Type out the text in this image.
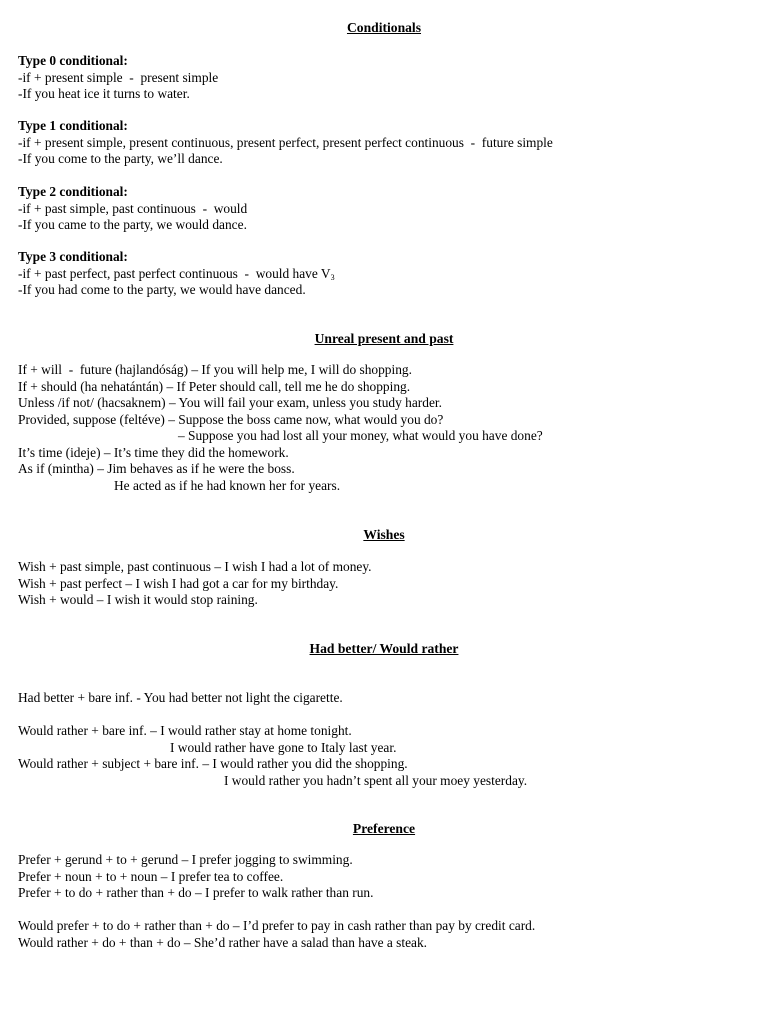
Conditionals
Type 0 conditional:
-if + present simple  -  present simple
-If you heat ice it turns to water.
Type 1 conditional:
-if + present simple, present continuous, present perfect, present perfect continuous  -  future simple
-If you come to the party, we’ll dance.
Type 2 conditional:
-if + past simple, past continuous  -  would
-If you came to the party, we would dance.
Type 3 conditional:
-if + past perfect, past perfect continuous  -  would have $V_3$
-If you had come to the party, we would have danced.
Unreal present and past
If + will  -  future (hajlandóság) – If you will help me, I will do shopping.
If + should (ha nehatántán) – If Peter should call, tell me he do shopping.
Unless /if not/ (hacsaknem) – You will fail your exam, unless you study harder.
Provided, suppose (feltéve) – Suppose the boss came now, what would you do?
– Suppose you had lost all your money, what would you have done?
It’s time (ideje) – It’s time they did the homework.
As if (mintha) – Jim behaves as if he were the boss.
He acted as if he had known her for years.
Wishes
Wish + past simple, past continuous – I wish I had a lot of money.
Wish + past perfect – I wish I had got a car for my birthday.
Wish + would – I wish it would stop raining.
Had better/ Would rather
Had better + bare inf. - You had better not light the cigarette.
Would rather + bare inf. – I would rather stay at home tonight.
I would rather have gone to Italy last year.
Would rather + subject + bare inf. – I would rather you did the shopping.
I would rather you hadn’t spent all your moey yesterday.
Preference
Prefer + gerund + to + gerund – I prefer jogging to swimming.
Prefer + noun + to + noun – I prefer tea to coffee.
Prefer + to do + rather than + do – I prefer to walk rather than run.
Would prefer + to do + rather than + do – I’d prefer to pay in cash rather than pay by credit card.
Would rather + do + than + do – She’d rather have a salad than have a steak.
